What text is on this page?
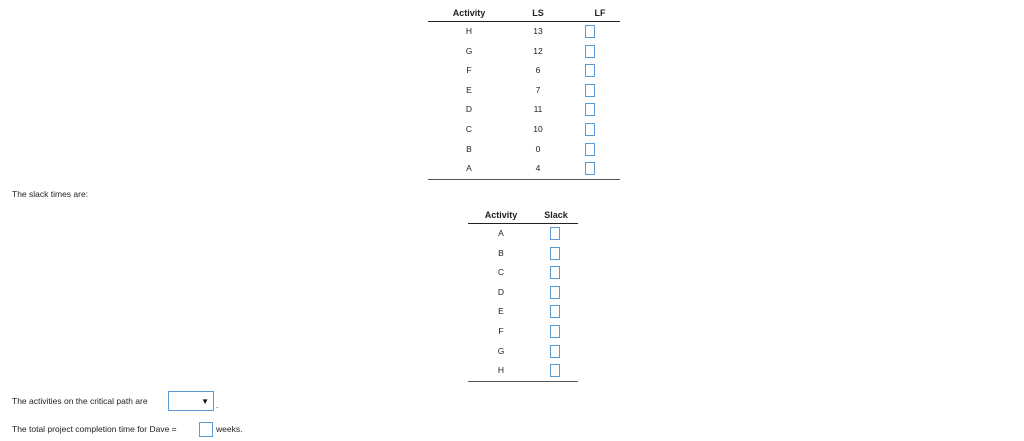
Activity	LS	LF
H	13
G	12
F	6
E	7
D	11
C	10
B	0
A	4
The slack times are:
Activity	Slack
A
B
C
D
E
F
G
H
The activities on the critical path are	▼ .
The total project completion time for Dave =	weeks.
